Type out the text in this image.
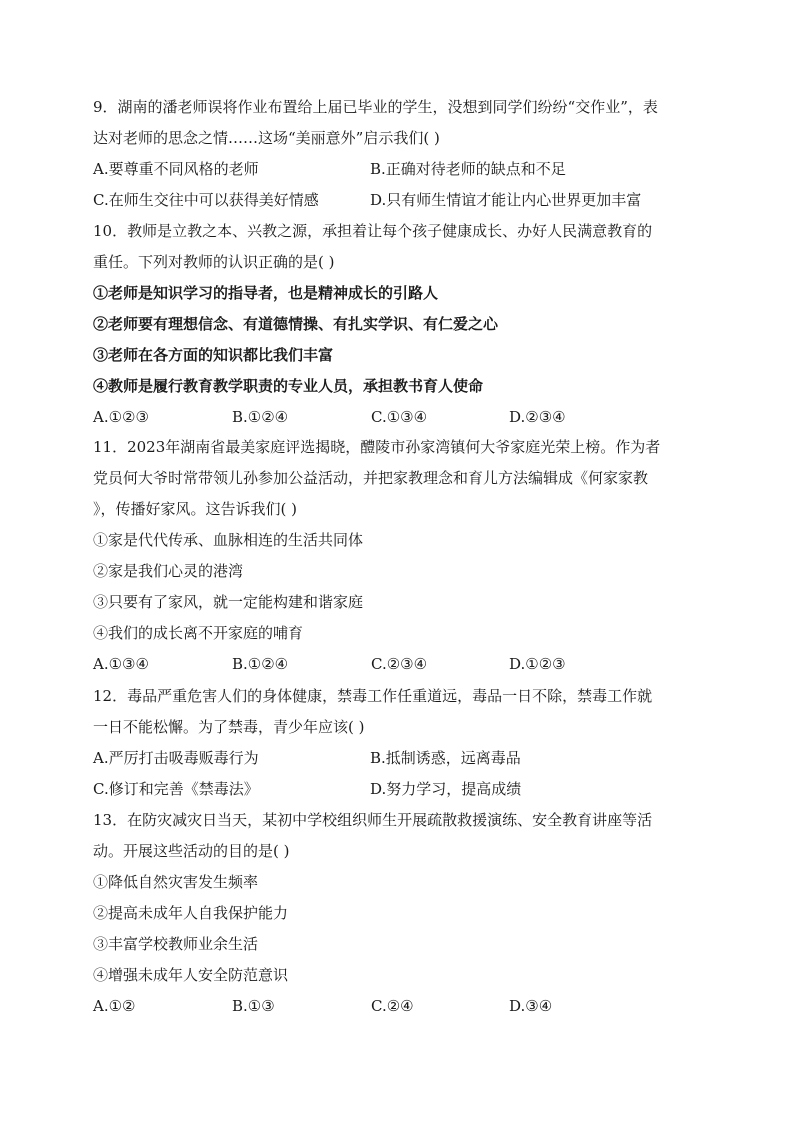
9．湖南的潘老师误将作业布置给上届已毕业的学生，没想到同学们纷纷“交作业”，表
达对老师的思念之情……这场“美丽意外”启示我们( )
A.要尊重不同风格的老师	B.正确对待老师的缺点和不足
C.在师生交往中可以获得美好情感	D.只有师生情谊才能让内心世界更加丰富
10．教师是立教之本、兴教之源，承担着让每个孩子健康成长、办好人民满意教育的
重任。下列对教师的认识正确的是( )
①老师是知识学习的指导者，也是精神成长的引路人
②老师要有理想信念、有道德情操、有扎实学识、有仁爱之心
③老师在各方面的知识都比我们丰富
④教师是履行教育教学职责的专业人员，承担教书育人使命
A.①②③	B.①②④	C.①③④	D.②③④
11．2023年湖南省最美家庭评选揭晓，醴陵市孙家湾镇何大爷家庭光荣上榜。作为者
党员何大爷时常带领儿孙参加公益活动，并把家教理念和育儿方法编辑成《何家家教
》，传播好家风。这告诉我们( )
①家是代代传承、血脉相连的生活共同体
②家是我们心灵的港湾
③只要有了家风，就一定能构建和谐家庭
④我们的成长离不开家庭的哺育
A.①③④	B.①②④	C.②③④	D.①②③
12．毒品严重危害人们的身体健康，禁毒工作任重道远，毒品一日不除，禁毒工作就
一日不能松懈。为了禁毒，青少年应该( )
A.严厉打击吸毒贩毒行为	B.抵制诱惑，远离毒品
C.修订和完善《禁毒法》	D.努力学习，提高成绩
13．在防灾减灾日当天，某初中学校组织师生开展疏散救援演练、安全教育讲座等活
动。开展这些活动的目的是( )
①降低自然灾害发生频率
②提高未成年人自我保护能力
③丰富学校教师业余生活
④增强未成年人安全防范意识
A.①②	B.①③	C.②④	D.③④
